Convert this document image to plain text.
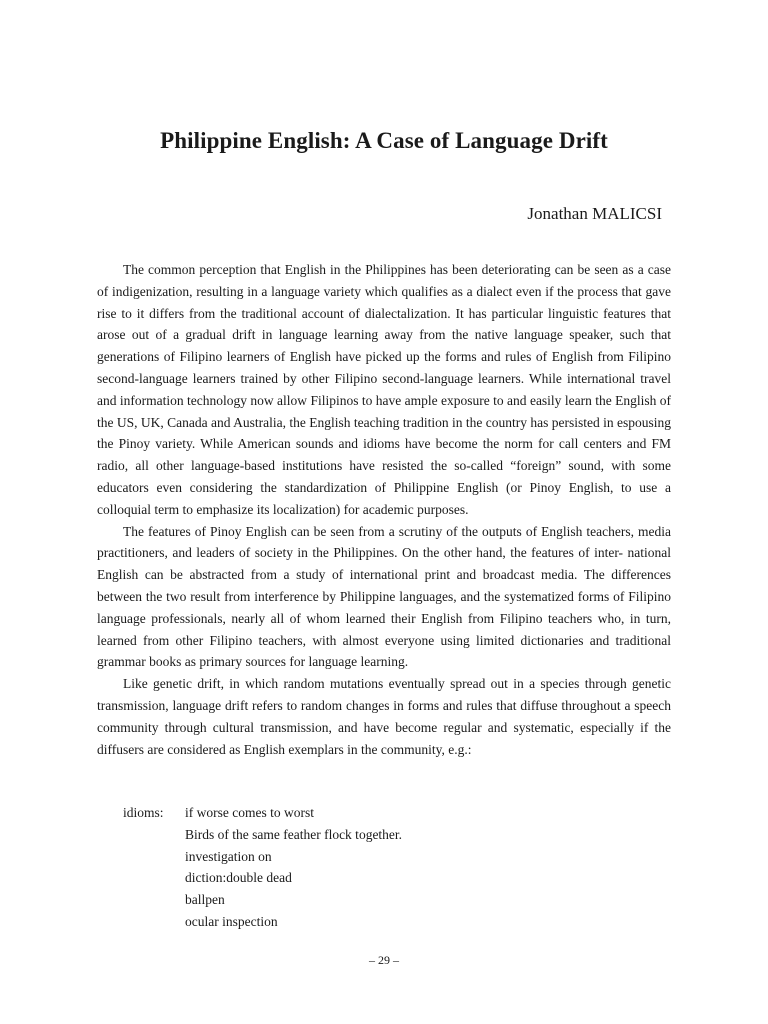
Philippine English: A Case of Language Drift
Jonathan MALICSI

The common perception that English in the Philippines has been deteriorating can be seen as a case of indigenization, resulting in a language variety which qualifies as a dialect even if the process that gave rise to it differs from the traditional account of dialectalization. It has particular linguistic features that arose out of a gradual drift in language learning away from the native language speaker, such that generations of Filipino learners of English have picked up the forms and rules of English from Filipino second-language learners trained by other Filipino second-language learners. While international travel and information technology now allow Filipinos to have ample exposure to and easily learn the English of the US, UK, Canada and Australia, the English teaching tradition in the country has persisted in espousing the Pinoy variety. While American sounds and idioms have become the norm for call centers and FM radio, all other language-based institutions have resisted the so-called “foreign” sound, with some educators even considering the standardization of Philippine English (or Pinoy English, to use a colloquial term to emphasize its localization) for academic purposes.

The features of Pinoy English can be seen from a scrutiny of the outputs of English teachers, media practitioners, and leaders of society in the Philippines. On the other hand, the features of inter- national English can be abstracted from a study of international print and broadcast media. The differences between the two result from interference by Philippine languages, and the systematized forms of Filipino language professionals, nearly all of whom learned their English from Filipino teachers who, in turn, learned from other Filipino teachers, with almost everyone using limited dictionaries and traditional grammar books as primary sources for language learning.

Like genetic drift, in which random mutations eventually spread out in a species through genetic transmission, language drift refers to random changes in forms and rules that diffuse throughout a speech community through cultural transmission, and have become regular and systematic, especially if the diffusers are considered as English exemplars in the community, e.g.:

idioms:	if worse comes to worst
Birds of the same feather flock together.
investigation on
diction:double dead
ballpen
ocular inspection
– 29 –
